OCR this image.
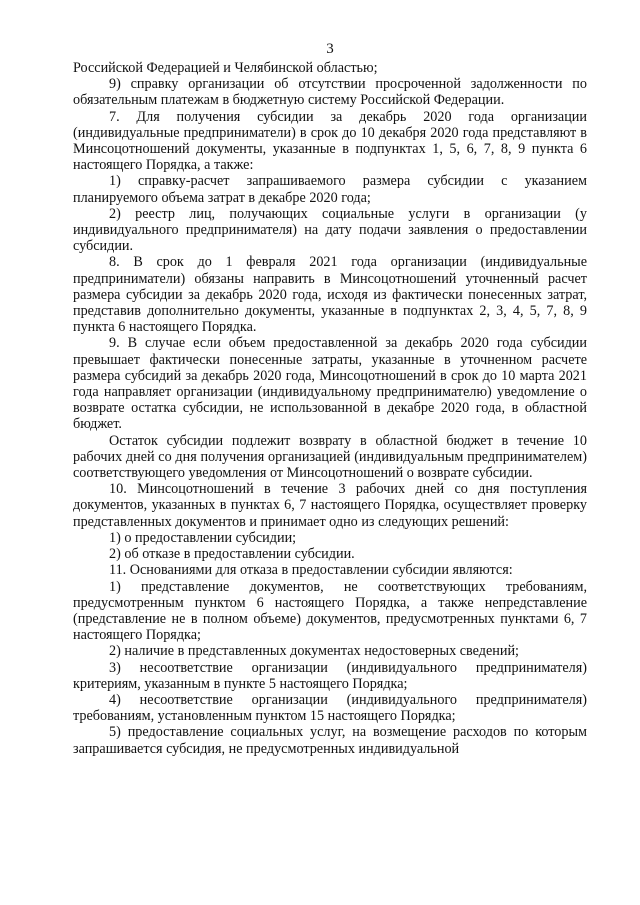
3

Российской Федерацией и Челябинской областью;

9) справку организации об отсутствии просроченной задолженности по обязательным платежам в бюджетную систему Российской Федерации.

7. Для получения субсидии за декабрь 2020 года организации (индивидуальные предприниматели) в срок до 10 декабря 2020 года представляют в Минсоцотношений документы, указанные в подпунктах 1, 5, 6, 7, 8, 9 пункта 6 настоящего Порядка, а также:

1) справку-расчет запрашиваемого размера субсидии с указанием планируемого объема затрат в декабре 2020 года;

2) реестр лиц, получающих социальные услуги в организации (у индивидуального предпринимателя) на дату подачи заявления о предоставлении субсидии.

8. В срок до 1 февраля 2021 года организации (индивидуальные предприниматели) обязаны направить в Минсоцотношений уточненный расчет размера субсидии за декабрь 2020 года, исходя из фактически понесенных затрат, представив дополнительно документы, указанные в подпунктах 2, 3, 4, 5, 7, 8, 9 пункта 6 настоящего Порядка.

9. В случае если объем предоставленной за декабрь 2020 года субсидии превышает фактически понесенные затраты, указанные в уточненном расчете размера субсидий за декабрь 2020 года, Минсоцотношений в срок до 10 марта 2021 года направляет организации (индивидуальному предпринимателю) уведомление о возврате остатка субсидии, не использованной в декабре 2020 года, в областной бюджет.

Остаток субсидии подлежит возврату в областной бюджет в течение 10 рабочих дней со дня получения организацией (индивидуальным предпринимателем) соответствующего уведомления от Минсоцотношений о возврате субсидии.

10. Минсоцотношений в течение 3 рабочих дней со дня поступления документов, указанных в пунктах 6, 7 настоящего Порядка, осуществляет проверку представленных документов и принимает одно из следующих решений:

1) о предоставлении субсидии;

2) об отказе в предоставлении субсидии.

11. Основаниями для отказа в предоставлении субсидии являются:

1) представление документов, не соответствующих требованиям, предусмотренным пунктом 6 настоящего Порядка, а также непредставление (представление не в полном объеме) документов, предусмотренных пунктами 6, 7 настоящего Порядка;

2) наличие в представленных документах недостоверных сведений;

3) несоответствие организации (индивидуального предпринимателя) критериям, указанным в пункте 5 настоящего Порядка;

4) несоответствие организации (индивидуального предпринимателя) требованиям, установленным пунктом 15 настоящего Порядка;

5) предоставление социальных услуг, на возмещение расходов по которым запрашивается субсидия, не предусмотренных индивидуальной
